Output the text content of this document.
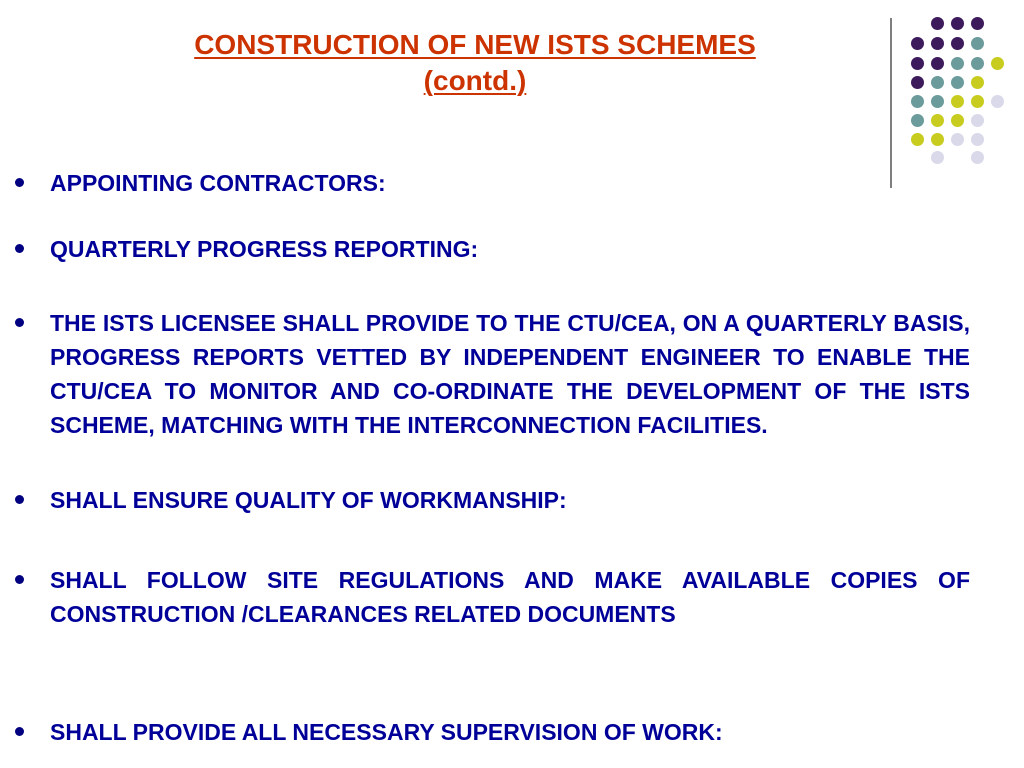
CONSTRUCTION OF NEW ISTS SCHEMES
(contd.)
APPOINTING CONTRACTORS:
QUARTERLY PROGRESS REPORTING:
THE ISTS LICENSEE SHALL PROVIDE TO THE CTU/CEA, ON A QUARTERLY BASIS, PROGRESS REPORTS VETTED BY INDEPENDENT ENGINEER TO ENABLE THE CTU/CEA TO MONITOR AND CO-ORDINATE THE DEVELOPMENT OF THE ISTS SCHEME, MATCHING WITH THE INTERCONNECTION FACILITIES.
SHALL ENSURE QUALITY OF WORKMANSHIP:
SHALL FOLLOW SITE REGULATIONS AND MAKE AVAILABLE COPIES OF CONSTRUCTION /CLEARANCES RELATED DOCUMENTS
SHALL PROVIDE ALL NECESSARY SUPERVISION OF WORK:
